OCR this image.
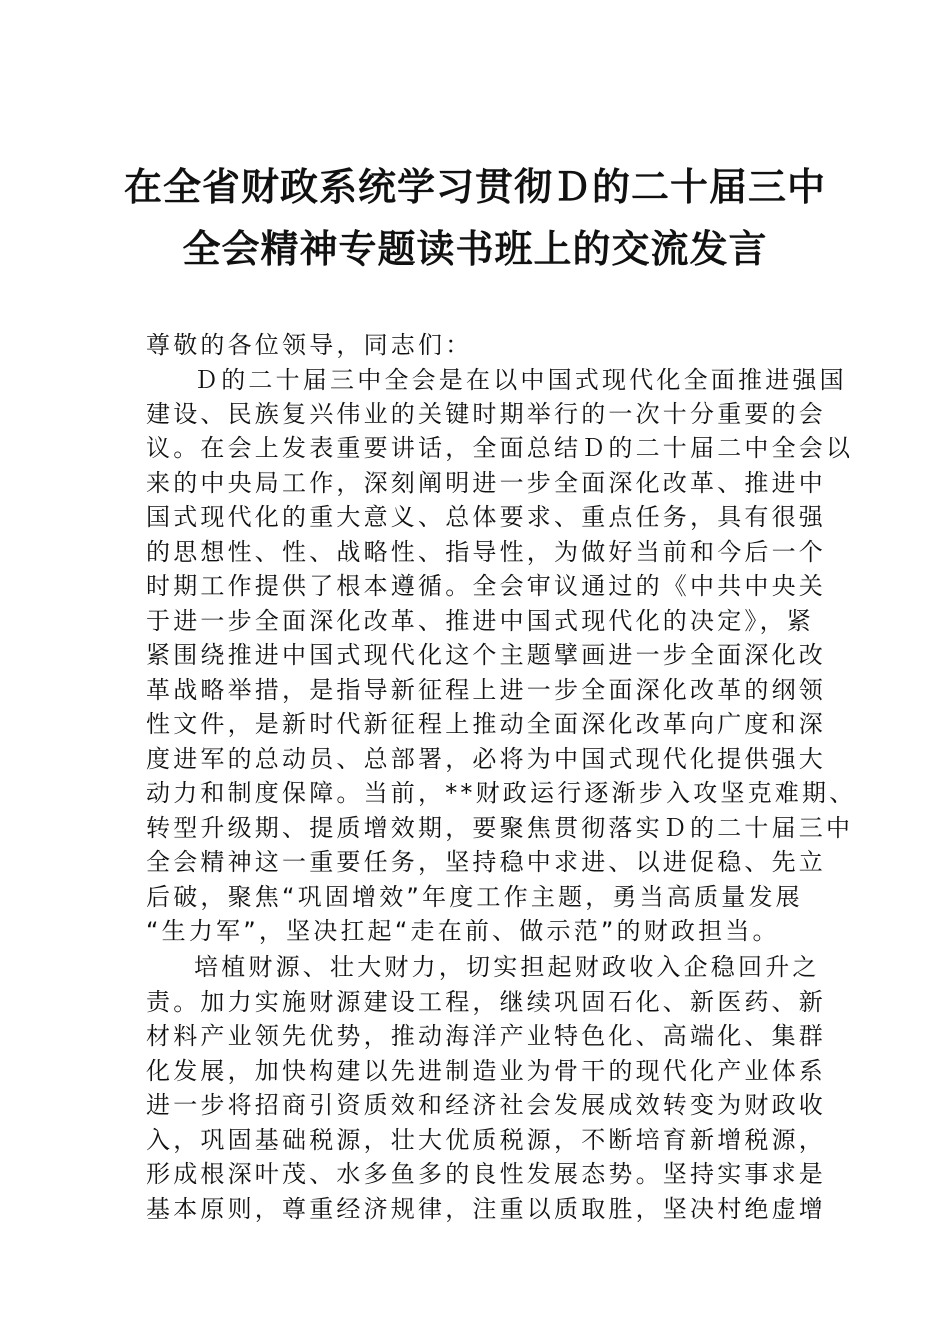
在全省财政系统学习贯彻Ｄ的二十届三中
全会精神专题读书班上的交流发言
尊敬的各位领导，同志们：
Ｄ的二十届三中全会是在以中国式现代化全面推进强国
建设、民族复兴伟业的关键时期举行的一次十分重要的会
议。在会上发表重要讲话，全面总结Ｄ的二十届二中全会以
来的中央局工作，深刻阐明进一步全面深化改革、推进中
国式现代化的重大意义、总体要求、重点任务，具有很强
的思想性、性、战略性、指导性，为做好当前和今后一个
时期工作提供了根本遵循。全会审议通过的《中共中央关
于进一步全面深化改革、推进中国式现代化的决定》，紧
紧围绕推进中国式现代化这个主题擘画进一步全面深化改
革战略举措，是指导新征程上进一步全面深化改革的纲领
性文件，是新时代新征程上推动全面深化改革向广度和深
度进军的总动员、总部署，必将为中国式现代化提供强大
动力和制度保障。当前，**财政运行逐渐步入攻坚克难期、
转型升级期、提质增效期，要聚焦贯彻落实Ｄ的二十届三中
全会精神这一重要任务，坚持稳中求进、以进促稳、先立
后破，聚焦“巩固增效”年度工作主题，勇当高质量发展
“生力军”，坚决扛起“走在前、做示范”的财政担当。
培植财源、壮大财力，切实担起财政收入企稳回升之
责。加力实施财源建设工程，继续巩固石化、新医药、新
材料产业领先优势，推动海洋产业特色化、高端化、集群
化发展，加快构建以先进制造业为骨干的现代化产业体系
进一步将招商引资质效和经济社会发展成效转变为财政收
入，巩固基础税源，壮大优质税源，不断培育新增税源，
形成根深叶茂、水多鱼多的良性发展态势。坚持实事求是
基本原则，尊重经济规律，注重以质取胜，坚决村绝虚增
